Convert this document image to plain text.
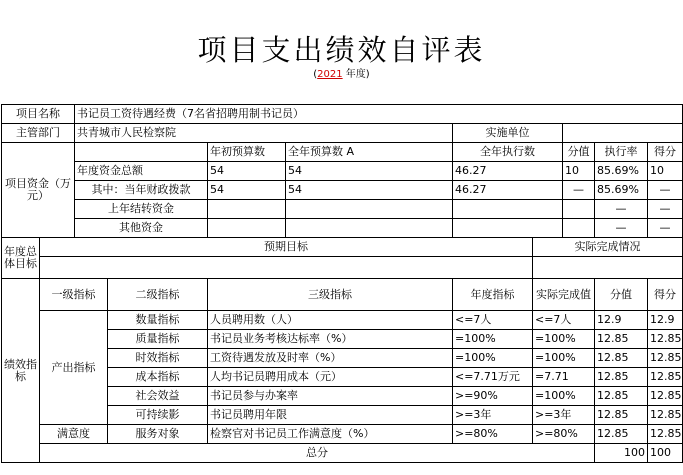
项目支出绩效自评表
(2021 年度)
项目名称		书记员工资待遇经费（7名省招聘用制书记员）								
主管部门		共青城市人民检察院				实施单位				
项目资金（万元）				年初预算数	全年预算数 A	全年执行数		分值	执行率	得分
		年度资金总额		54	54	46.27		10	85.69%	10
		其中：当年财政拨款		54	54	46.27		—	85.69%	—
		上年结转资金							—	—
		其他资金							—	—
年度总体目标	预期目标						实际完成情况			

绩效指标	一级指标		二级指标	三级指标		年度指标	实际完成值		分值	得分
	产出指标		数量指标	人员聘用数（人）		<=7人	<=7人		12.9	12.9
			质量指标	书记员业务考核达标率（%）		=100%	=100%		12.85	12.85
			时效指标	工资待遇发放及时率（%）		=100%	=100%		12.85	12.85
			成本指标	人均书记员聘用成本（元）		<=7.71万元	=7.71		12.85	12.85
			社会效益	书记员参与办案率		>=90%	=100%		12.85	12.85
			可持续影	书记员聘用年限		>=3年	>=3年		12.85	12.85
	满意度		服务对象	检察官对书记员工作满意度（%）		>=80%	>=80%		12.85	12.85
	总分								100	100
